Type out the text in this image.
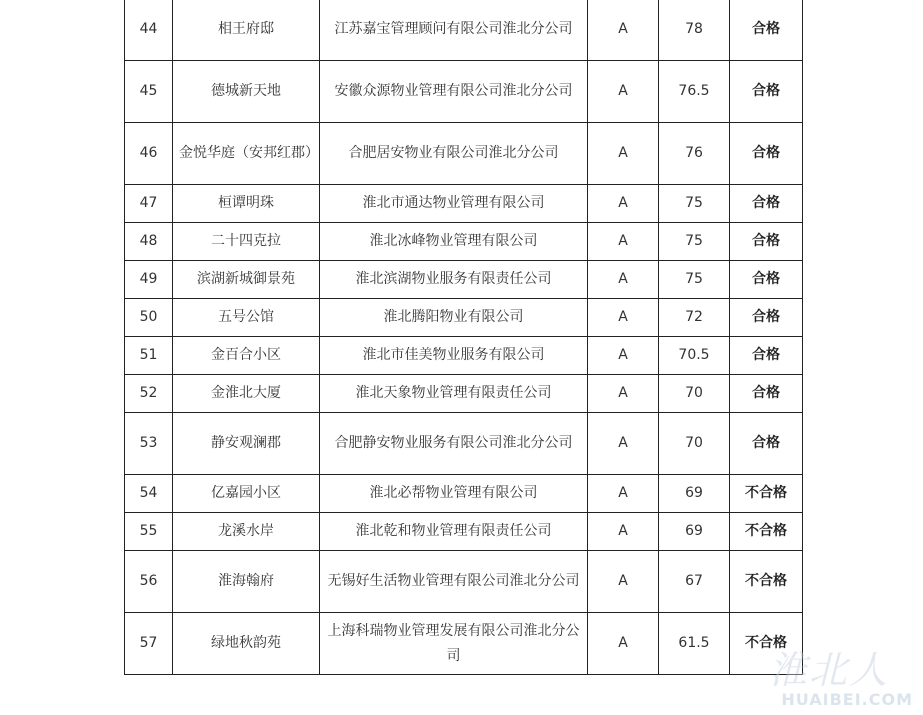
44	相王府邸	江苏嘉宝管理顾问有限公司淮北分公司	A	78	合格
45	德城新天地	安徽众源物业管理有限公司淮北分公司	A	76.5	合格
46	金悦华庭（安邦红郡）	合肥居安物业有限公司淮北分公司	A	76	合格
47	桓谭明珠	淮北市通达物业管理有限公司	A	75	合格
48	二十四克拉	淮北冰峰物业管理有限公司	A	75	合格
49	滨湖新城御景苑	淮北滨湖物业服务有限责任公司	A	75	合格
50	五号公馆	淮北腾阳物业有限公司	A	72	合格
51	金百合小区	淮北市佳美物业服务有限公司	A	70.5	合格
52	金淮北大厦	淮北天象物业管理有限责任公司	A	70	合格
53	静安观澜郡	合肥静安物业服务有限公司淮北分公司	A	70	合格
54	亿嘉园小区	淮北必帮物业管理有限公司	A	69	不合格
55	龙溪水岸	淮北乾和物业管理有限责任公司	A	69	不合格
56	淮海翰府	无锡好生活物业管理有限公司淮北分公司	A	67	不合格
57	绿地秋韵苑	上海科瑞物业管理发展有限公司淮北分公司	A	61.5	不合格
淮北人
HUAIBEI.COM
